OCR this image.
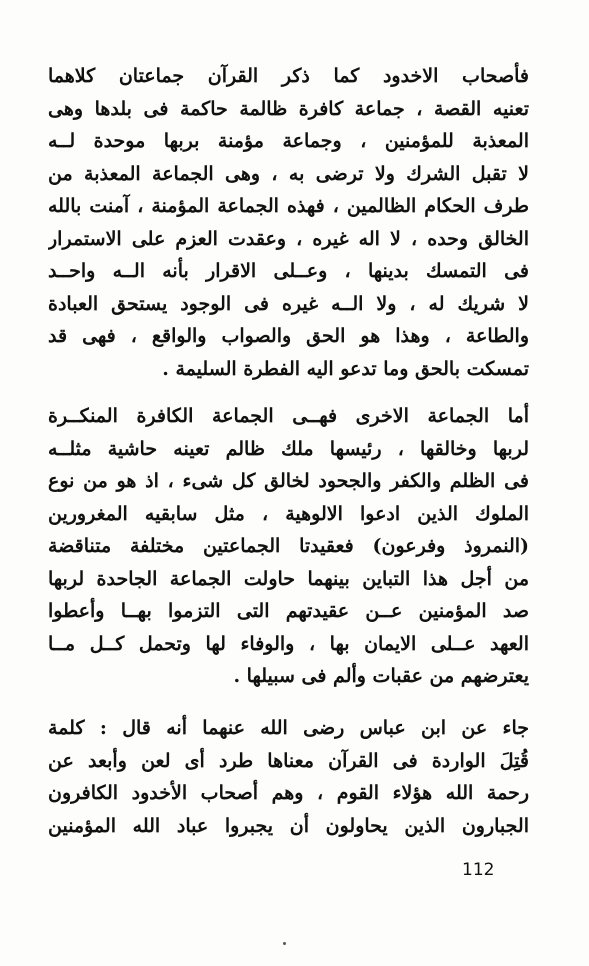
فأصحاب الاخدود كما ذكر القرآن جماعتان كلاهما
تعنيه القصة ، جماعة كافرة ظالمة حاكمة فى بلدها وهى
المعذبة للمؤمنين ، وجماعة مؤمنة بربها موحدة لــه
لا تقبل الشرك ولا ترضى به ، وهى الجماعة المعذبة من
طرف الحكام الظالمين ، فهذه الجماعة المؤمنة ، آمنت بالله
الخالق وحده ، لا اله غيره ، وعقدت العزم على الاستمرار
فى التمسك بدينها ، وعــلى الاقرار بأنه الــه واحــد
لا شريك له ، ولا الــه غيره فى الوجود يستحق العبادة
والطاعة ، وهذا هو الحق والصواب والواقع ، فهى قد
تمسكت بالحق وما تدعو اليه الفطرة السليمة .
أما الجماعة الاخرى فهــى الجماعة الكافرة المنكــرة
لربها وخالقها ، رئيسها ملك ظالم تعينه حاشية مثلــه
فى الظلم والكفر والجحود لخالق كل شىء ، اذ هو من نوع
الملوك الذين ادعوا الالوهية ، مثل سابقيه المغرورين
(النمروذ وفرعون) فعقيدتا الجماعتين مختلفة متناقضة
من أجل هذا التباين بينهما حاولت الجماعة الجاحدة لربها
صد المؤمنين عــن عقيدتهم التى التزموا بهــا وأعطوا
العهد عــلى الايمان بها ، والوفاء لها وتحمل كــل مــا
يعترضهم من عقبات وألم فى سبيلها .
جاء عن ابن عباس رضى الله عنهما أنه قال : كلمة
قُتِلَ الواردة فى القرآن معناها طرد أى لعن وأبعد عن
رحمة الله هؤلاء القوم ، وهم أصحاب الأخدود الكافرون
الجبارون الذين يحاولون أن يجبروا عباد الله المؤمنين
112
